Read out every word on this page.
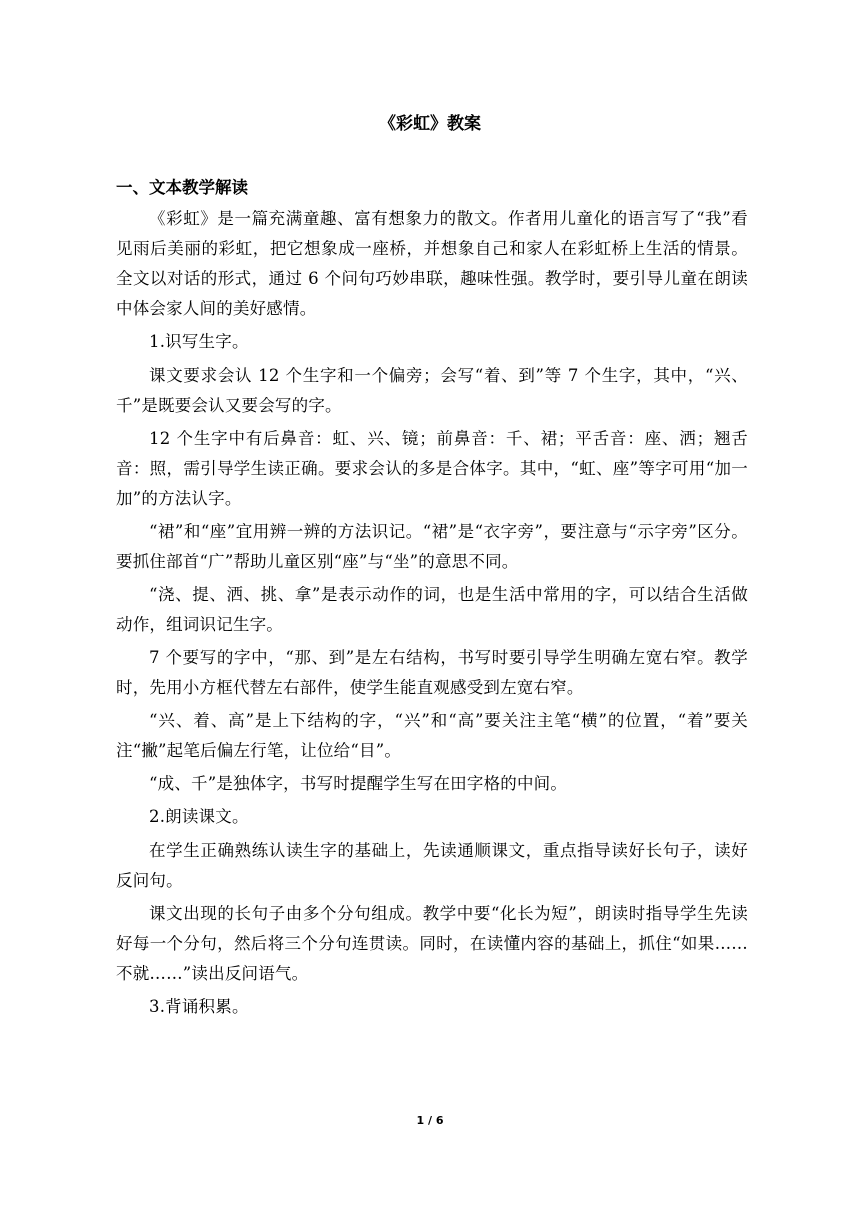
《彩虹》教案
一、文本教学解读

《彩虹》是一篇充满童趣、富有想象力的散文。作者用儿童化的语言写了“我”看见雨后美丽的彩虹，把它想象成一座桥，并想象自己和家人在彩虹桥上生活的情景。全文以对话的形式，通过 6 个问句巧妙串联，趣味性强。教学时，要引导儿童在朗读中体会家人间的美好感情。

1.识写生字。

课文要求会认 12 个生字和一个偏旁；会写“着、到”等 7 个生字，其中，“兴、千”是既要会认又要会写的字。

12 个生字中有后鼻音：虹、兴、镜；前鼻音：千、裙；平舌音：座、洒；翘舌音：照，需引导学生读正确。要求会认的多是合体字。其中，“虹、座”等字可用“加一加”的方法认字。

“裙”和“座”宜用辨一辨的方法识记。“裙”是“衣字旁”，要注意与“示字旁”区分。要抓住部首“广”帮助儿童区别“座”与“坐”的意思不同。

“浇、提、洒、挑、拿”是表示动作的词，也是生活中常用的字，可以结合生活做动作，组词识记生字。

7 个要写的字中，“那、到”是左右结构，书写时要引导学生明确左宽右窄。教学时，先用小方框代替左右部件，使学生能直观感受到左宽右窄。

“兴、着、高”是上下结构的字，“兴”和“高”要关注主笔“横”的位置，“着”要关注“撇”起笔后偏左行笔，让位给“目”。

“成、千”是独体字，书写时提醒学生写在田字格的中间。

2.朗读课文。

在学生正确熟练认读生字的基础上，先读通顺课文，重点指导读好长句子，读好反问句。

课文出现的长句子由多个分句组成。教学中要“化长为短”，朗读时指导学生先读好每一个分句，然后将三个分句连贯读。同时，在读懂内容的基础上，抓住“如果……不就……”读出反问语气。

3.背诵积累。

1 / 6
